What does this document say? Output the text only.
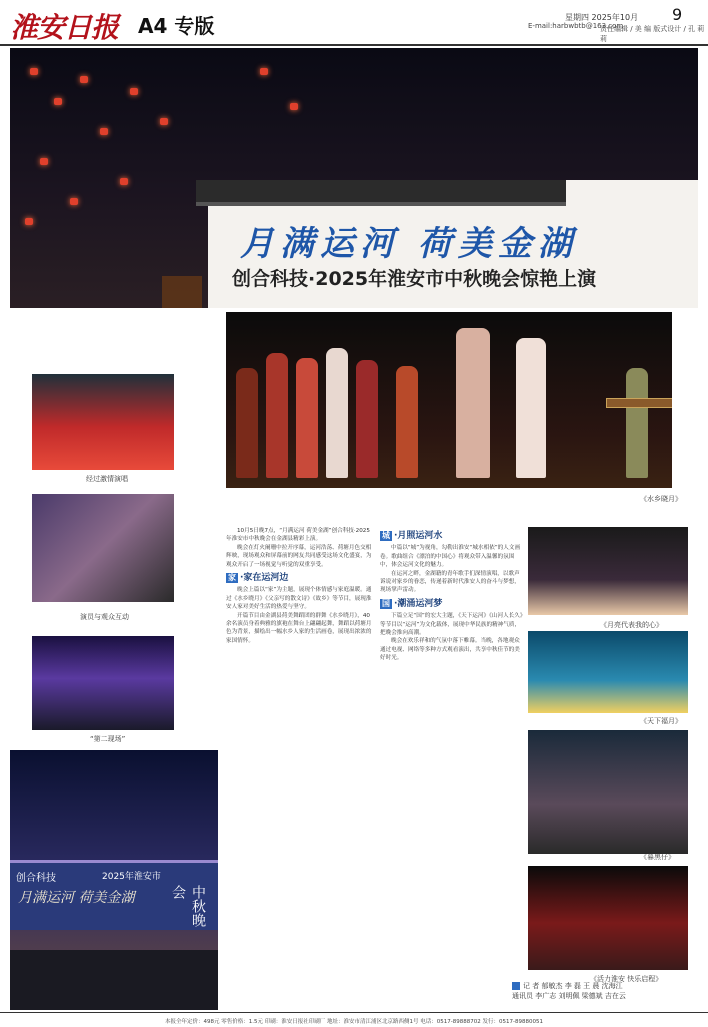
淮安日报 A4 专版	星期四 2025年10月 9
E-mail:harbwbtb@163.com
责任编辑 / 美 编 版式设计 / 孔 莉莉
月满运河 荷美金湖
创合科技·2025年淮安市中秋晚会惊艳上演
《水乡晓月》
经过激情演唱
演员与观众互动
“第二现场”
创合科技
月满运河 荷美金湖
2025年淮安市
中秋晚会

10月5日晚7点，“月满运河 荷美金湖”创合科技·2025年淮安市中秋晚会在金湖县精彩上演。

晚会在灯火阑珊中拉开序幕，运河浩荡、荷塘月色交相辉映，现场观众和屏幕前的网友共同感受这场文化盛宴，为观众开启了一场视觉与听觉的双重享受。

家 ·家在运河边

晚会上篇以“家”为主题，展现个体情感与家庭温暖。通过《水乡晓月》《父亲写的散文诗》《故乡》等节目，展现淮安人家对美好生活的热爱与坚守。

开篇节目由金湖县荷美舞蹈团的群舞《水乡晓月》，40余名演员身着典雅的旗袍在舞台上翩翩起舞，舞蹈以荷塘月色为背景，描绘出一幅水乡人家的生活画卷，展现出浓浓的家国情怀。

城 ·月照运河水

中篇以“城”为视角，勾勒出淮安“城水相依”的人文画卷。歌曲组合《漂泊的中国心》将观众带入温馨的氛围中，体会运河文化的魅力。

在运河之畔，金湖籍的青年歌手们深情演唱，以歌声诉说对家乡的眷恋，传递着新时代淮安人的奋斗与梦想，现场掌声雷动。

国 ·潮涌运河梦

下篇立足“国”的宏大主题，《天下运河》《山河人长久》等节目以“运河”为文化载体，展现中华民族的精神气质，把晚会推向高潮。

晚会在欢乐祥和的气氛中落下帷幕。当晚，各地观众通过电视、网络等多种方式观看演出，共享中秋佳节的美好时光。

《月亮代表我的心》
《天下福月》
《暮黑仔》
《活力淮安 快乐启程》
记 者 郁敏杰 李 磊 王 晨 沈海江
通讯员 李广志 刘明佩 梁德斌 吉在云
本报全年定价：498元 零售价格：1.5元 印刷：淮安日报社印刷厂 地址：淮安市清江浦区北京路西侧1号 电话：0517-89888702 发行：0517-89880051
